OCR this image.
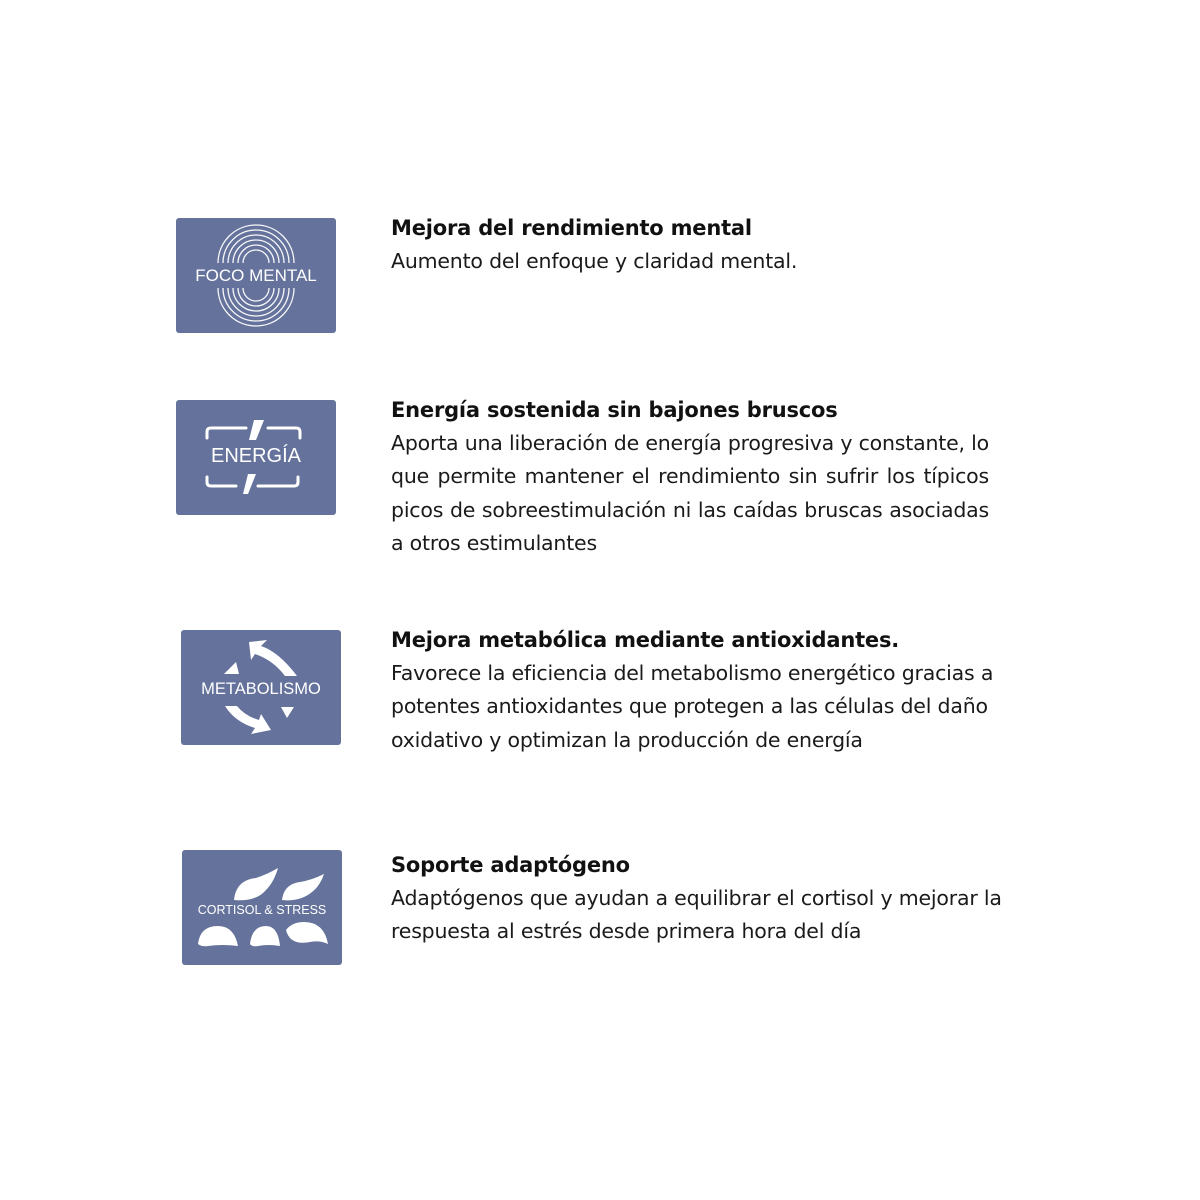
FOCO MENTAL
Mejora del rendimiento mental
Aumento del enfoque y claridad mental.
ENERGÍA
Energía sostenida sin bajones bruscos
Aporta una liberación de energía progresiva y constante, lo que permite mantener el rendimiento sin sufrir los típicos picos de sobreestimulación ni las caídas bruscas asociadas a otros estimulantes
METABOLISMO
Mejora metabólica mediante antioxidantes.
Favorece la eficiencia del metabolismo energético gracias a potentes antioxidantes que protegen a las células del daño oxidativo y optimizan la producción de energía
CORTISOL & STRESS
Soporte adaptógeno
Adaptógenos que ayudan a equilibrar el cortisol y mejorar la respuesta al estrés desde primera hora del día
